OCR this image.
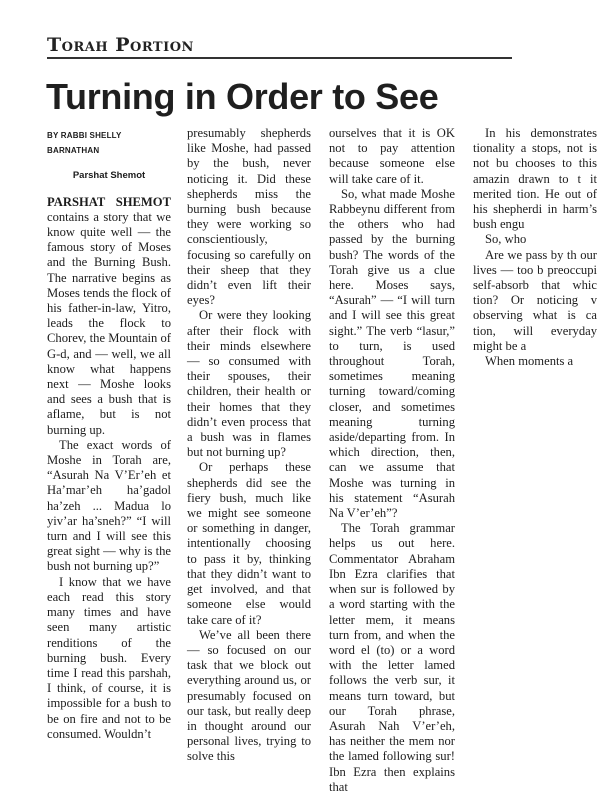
Torah Portion
Turning in Order to See
BY RABBI SHELLY BARNATHAN
Parshat Shemot

PARSHAT SHEMOT contains a story that we know quite well — the famous story of Moses and the Burning Bush. The narrative begins as Moses tends the flock of his father-in-law, Yitro, leads the flock to Chorev, the Mountain of G-d, and — well, we all know what happens next — Moshe looks and sees a bush that is aflame, but is not burning up.

The exact words of Moshe in Torah are, “Asurah Na V’Er’eh et Ha’mar’eh ha’gadol ha’zeh ... Madua lo yiv’ar ha’sneh?” “I will turn and I will see this great sight — why is the bush not burning up?”

I know that we have each read this story many times and have seen many artistic renditions of the burning bush. Every time I read this parshah, I think, of course, it is impossible for a bush to be on fire and not to be consumed. Wouldn’t

presumably shepherds like Moshe, had passed by the bush, never noticing it. Did these shepherds miss the burning bush because they were working so conscientiously, focusing so carefully on their sheep that they didn’t even lift their eyes?

Or were they looking after their flock with their minds elsewhere — so consumed with their spouses, their children, their health or their homes that they didn’t even process that a bush was in flames but not burning up?

Or perhaps these shepherds did see the fiery bush, much like we might see someone or something in danger, intentionally choosing to pass it by, thinking that they didn’t want to get involved, and that someone else would take care of it?

We’ve all been there — so focused on our task that we block out everything around us, or presumably focused on our task, but really deep in thought around our personal lives, trying to solve this

ourselves that it is OK not to pay attention because someone else will take care of it.

So, what made Moshe Rabbeynu different from the others who had passed by the burning bush? The words of the Torah give us a clue here. Moses says, “Asurah” — “I will turn and I will see this great sight.” The verb “lasur,” to turn, is used throughout Torah, sometimes meaning turning toward/coming closer, and sometimes meaning turning aside/departing from. In which direction, then, can we assume that Moshe was turning in his statement “Asurah Na V’er’eh”?

The Torah grammar helps us out here. Commentator Abraham Ibn Ezra clarifies that when sur is followed by a word starting with the letter mem, it means turn from, and when the word el (to) or a word with the letter lamed follows the verb sur, it means turn toward, but our Torah phrase, Asurah Nah V’er’eh, has neither the mem nor the lamed following sur! Ibn Ezra then explains that

In his demonstrates tionality a stops, not is not bu chooses to this amazin drawn to t it merited tion. He out of his shepherdi in harm’s bush engu

So, who

Are we pass by th our lives — too b preoccupi self-absorb that whic tion? Or noticing v observing what is ca tion, will everyday might be a

When moments a
